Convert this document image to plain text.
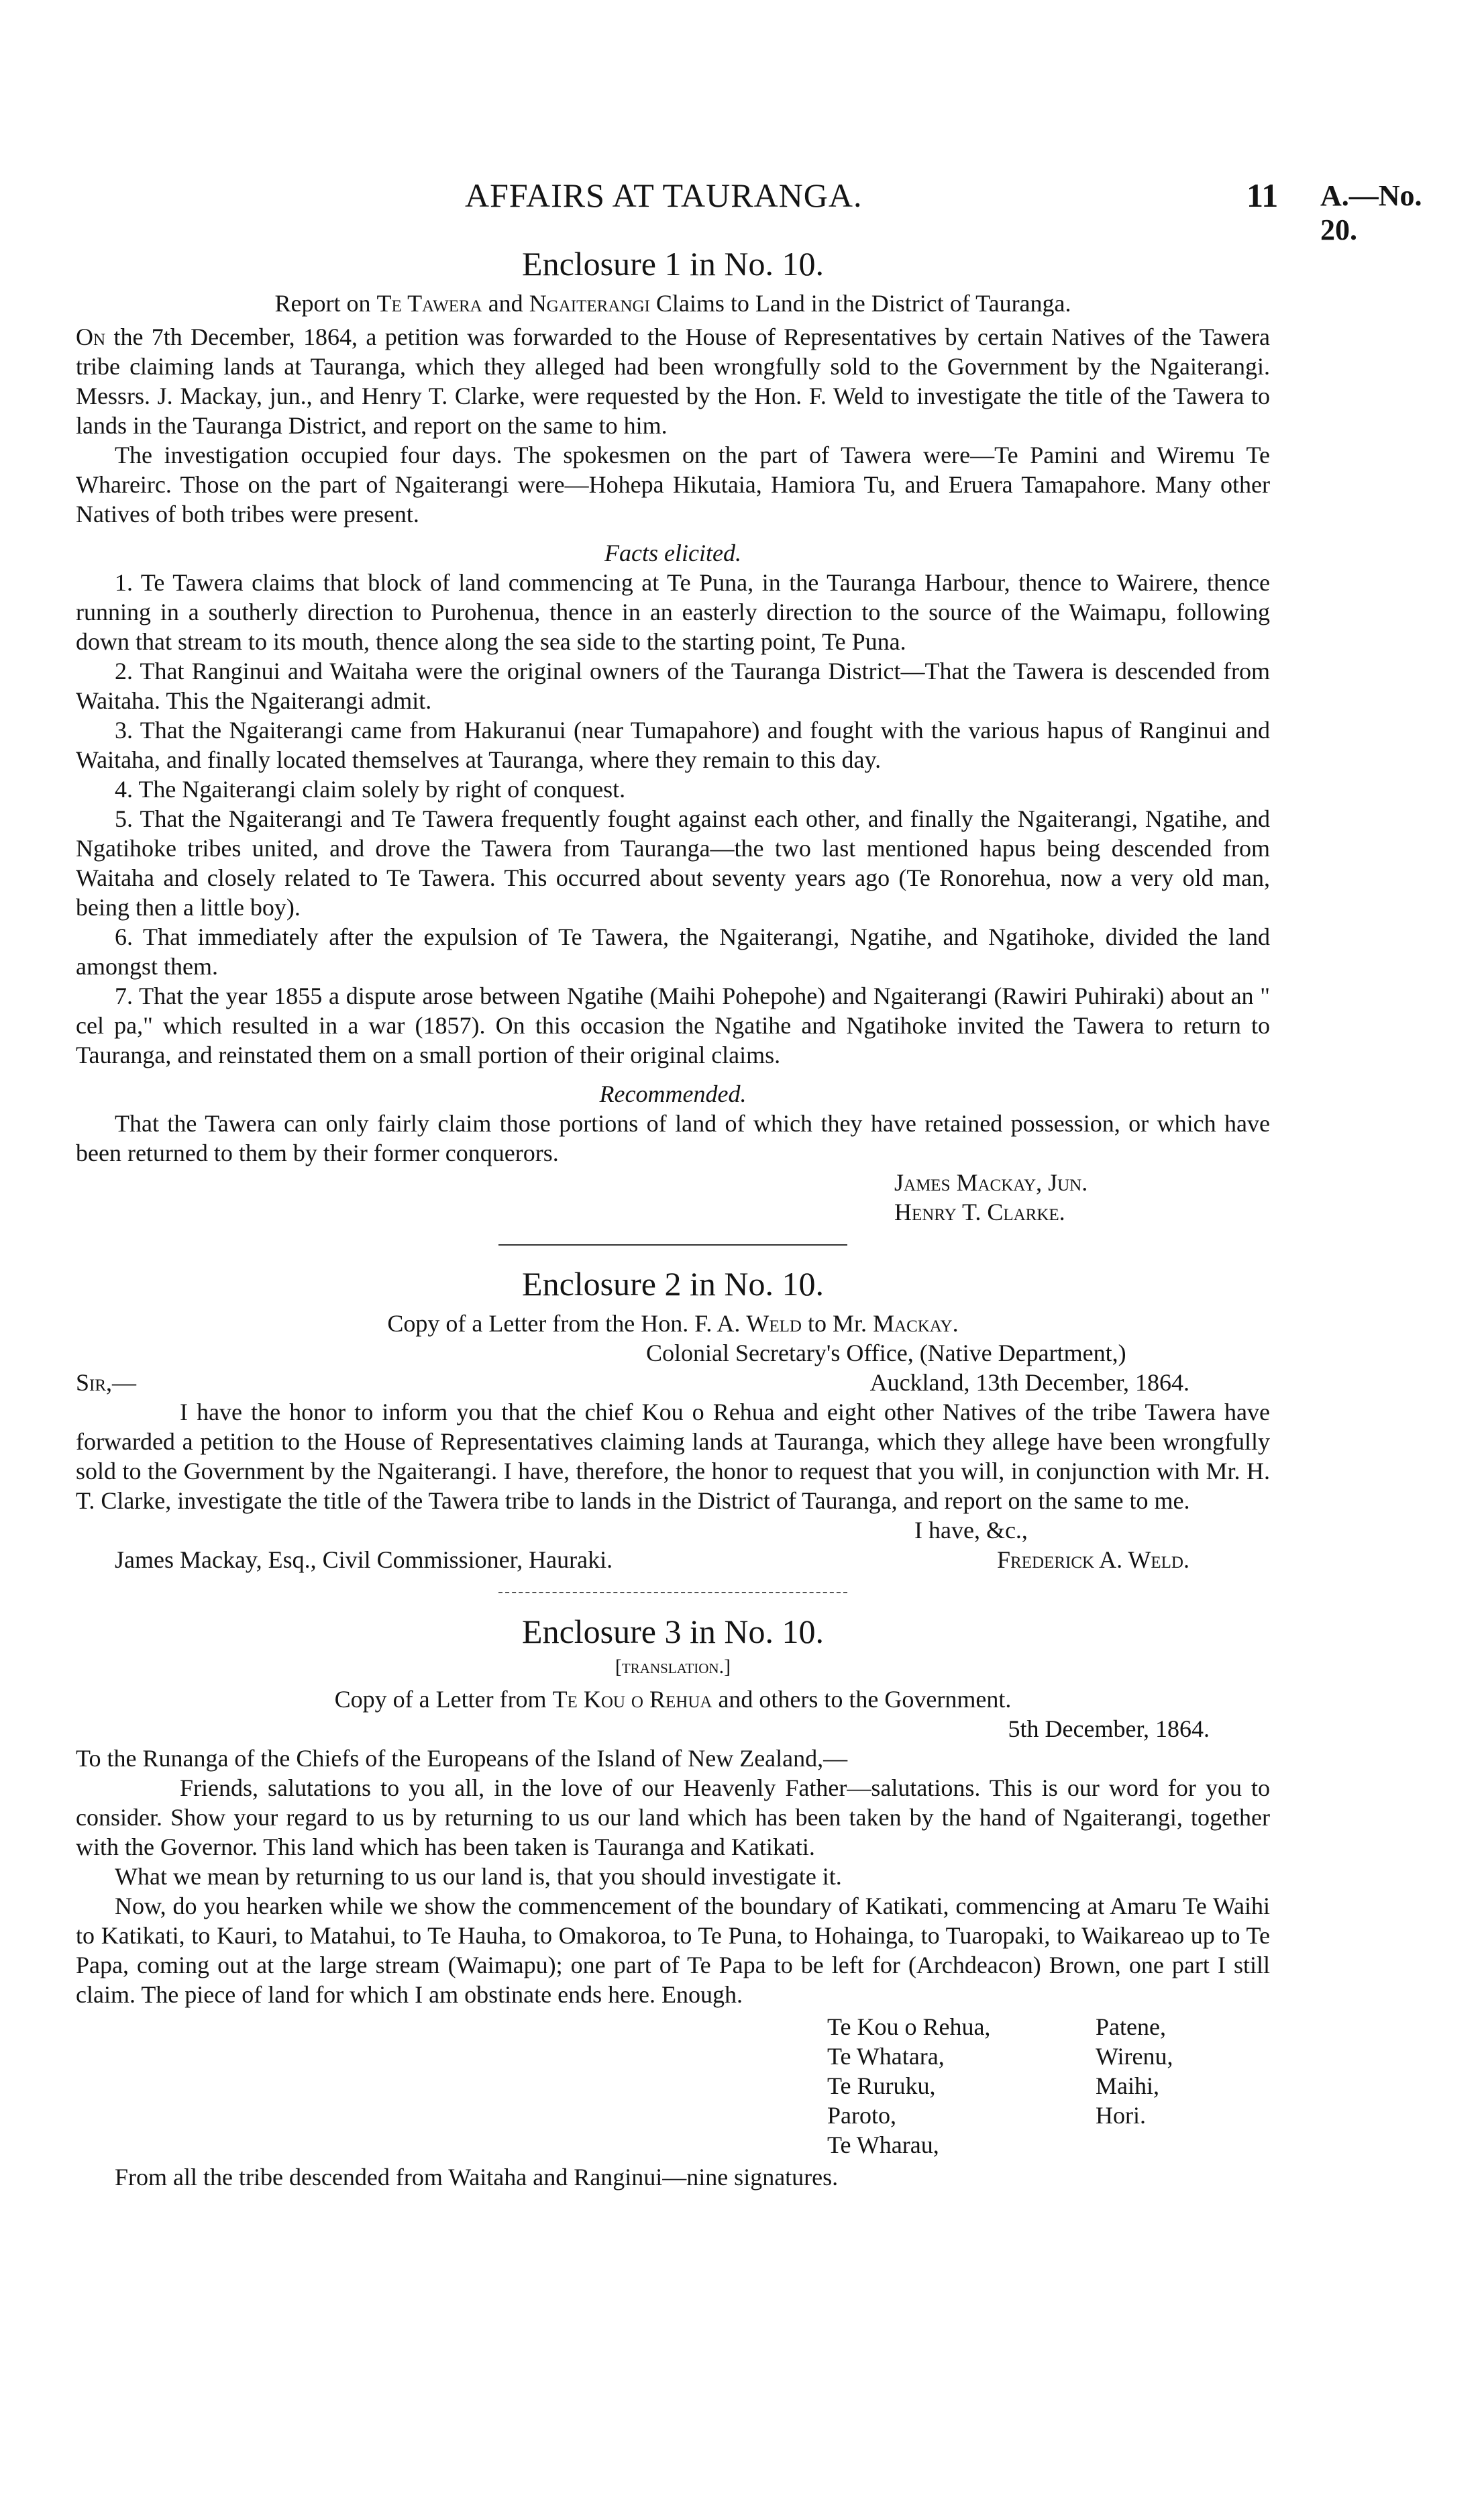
AFFAIRS AT TAURANGA.	11 A.—No. 20.
Enclosure 1 in No. 10.
Report on Te Tawera and Ngaiterangi Claims to Land in the District of Tauranga.

On the 7th December, 1864, a petition was forwarded to the House of Representatives by certain Natives of the Tawera tribe claiming lands at Tauranga, which they alleged had been wrongfully sold to the Government by the Ngaiterangi. Messrs. J. Mackay, jun., and Henry T. Clarke, were requested by the Hon. F. Weld to investigate the title of the Tawera to lands in the Tauranga District, and report on the same to him.

The investigation occupied four days. The spokesmen on the part of Tawera were—Te Pamini and Wiremu Te Whareirc. Those on the part of Ngaiterangi were—Hohepa Hikutaia, Hamiora Tu, and Eruera Tamapahore. Many other Natives of both tribes were present.

Facts elicited.

1. Te Tawera claims that block of land commencing at Te Puna, in the Tauranga Harbour, thence to Wairere, thence running in a southerly direction to Purohenua, thence in an easterly direction to the source of the Waimapu, following down that stream to its mouth, thence along the sea side to the starting point, Te Puna.

2. That Ranginui and Waitaha were the original owners of the Tauranga District—That the Tawera is descended from Waitaha. This the Ngaiterangi admit.

3. That the Ngaiterangi came from Hakuranui (near Tumapahore) and fought with the various hapus of Ranginui and Waitaha, and finally located themselves at Tauranga, where they remain to this day.

4. The Ngaiterangi claim solely by right of conquest.

5. That the Ngaiterangi and Te Tawera frequently fought against each other, and finally the Ngaiterangi, Ngatihe, and Ngatihoke tribes united, and drove the Tawera from Tauranga—the two last mentioned hapus being descended from Waitaha and closely related to Te Tawera. This occurred about seventy years ago (Te Ronorehua, now a very old man, being then a little boy).

6. That immediately after the expulsion of Te Tawera, the Ngaiterangi, Ngatihe, and Ngatihoke, divided the land amongst them.

7. That the year 1855 a dispute arose between Ngatihe (Maihi Pohepohe) and Ngaiterangi (Rawiri Puhiraki) about an " cel pa," which resulted in a war (1857). On this occasion the Ngatihe and Ngatihoke invited the Tawera to return to Tauranga, and reinstated them on a small portion of their original claims.

Recommended.

That the Tawera can only fairly claim those portions of land of which they have retained possession, or which have been returned to them by their former conquerors.

James Mackay, Jun.
Henry T. Clarke.
Enclosure 2 in No. 10.
Copy of a Letter from the Hon. F. A. Weld to Mr. Mackay.
Colonial Secretary's Office, (Native Department,)
Sir,—	Auckland, 13th December, 1864.

I have the honor to inform you that the chief Kou o Rehua and eight other Natives of the tribe Tawera have forwarded a petition to the House of Representatives claiming lands at Tauranga, which they allege have been wrongfully sold to the Government by the Ngaiterangi. I have, therefore, the honor to request that you will, in conjunction with Mr. H. T. Clarke, investigate the title of the Tawera tribe to lands in the District of Tauranga, and report on the same to me.

I have, &c.,
James Mackay, Esq., Civil Commissioner, Hauraki.	Frederick A. Weld.
Enclosure 3 in No. 10.
[translation.]
Copy of a Letter from Te Kou o Rehua and others to the Government.
5th December, 1864.
To the Runanga of the Chiefs of the Europeans of the Island of New Zealand,—

Friends, salutations to you all, in the love of our Heavenly Father—salutations. This is our word for you to consider. Show your regard to us by returning to us our land which has been taken by the hand of Ngaiterangi, together with the Governor. This land which has been taken is Tauranga and Katikati.

What we mean by returning to us our land is, that you should investigate it.

Now, do you hearken while we show the commencement of the boundary of Katikati, commencing at Amaru Te Waihi to Katikati, to Kauri, to Matahui, to Te Hauha, to Omakoroa, to Te Puna, to Hohainga, to Tuaropaki, to Waikareao up to Te Papa, coming out at the large stream (Waimapu); one part of Te Papa to be left for (Archdeacon) Brown, one part I still claim. The piece of land for which I am obstinate ends here. Enough.

Te Kou o Rehua,	Patene,
Te Whatara,	Wirenu,
Te Ruruku,	Maihi,
Paroto,	Hori.
Te Wharau,

From all the tribe descended from Waitaha and Ranginui—nine signatures.
